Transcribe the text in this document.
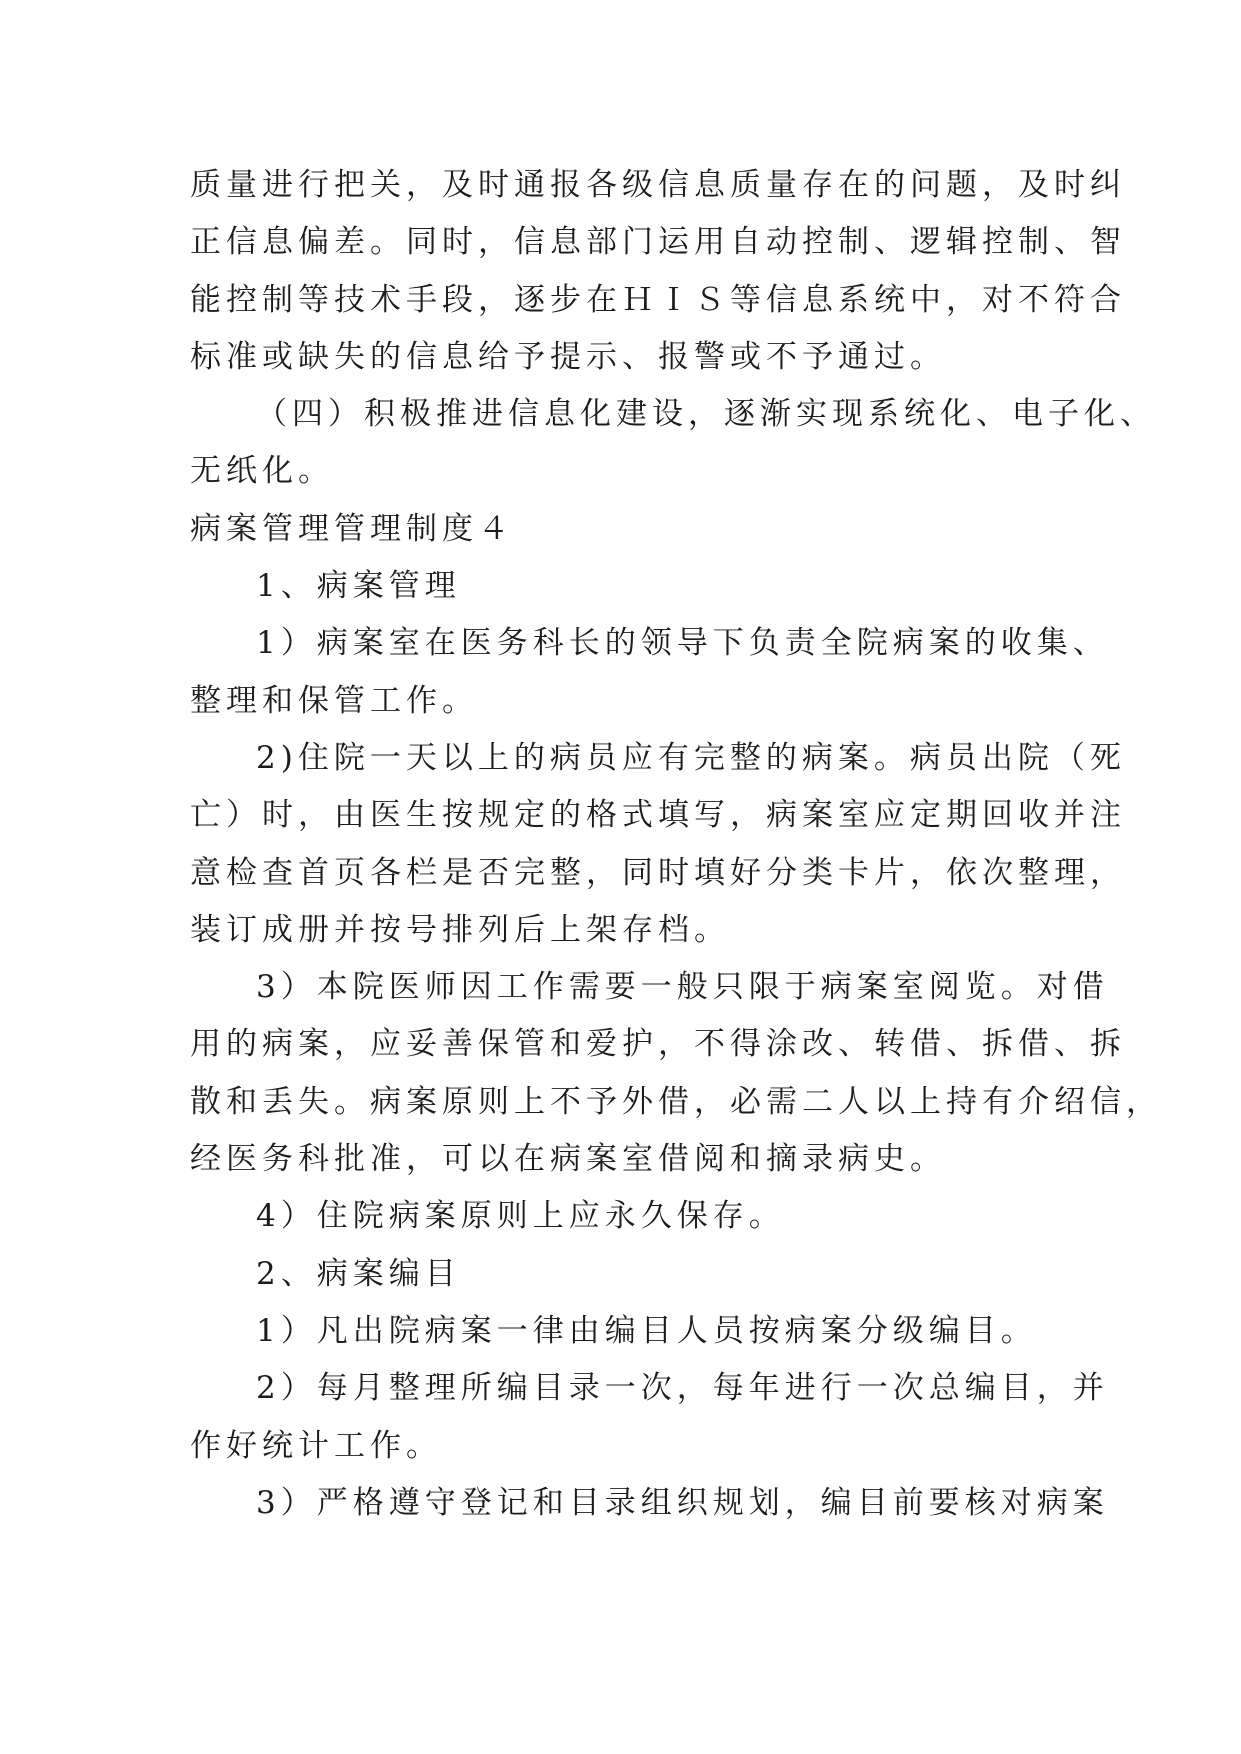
质量进行把关，及时通报各级信息质量存在的问题，及时纠
正信息偏差。同时，信息部门运用自动控制、逻辑控制、智
能控制等技术手段，逐步在ＨＩＳ等信息系统中，对不符合
标准或缺失的信息给予提示、报警或不予通过。
（四）积极推进信息化建设，逐渐实现系统化、电子化、
无纸化。
病案管理管理制度４
1、病案管理
1）病案室在医务科长的领导下负责全院病案的收集、
整理和保管工作。
2)住院一天以上的病员应有完整的病案。病员出院（死
亡）时，由医生按规定的格式填写，病案室应定期回收并注
意检查首页各栏是否完整，同时填好分类卡片，依次整理，
装订成册并按号排列后上架存档。
3）本院医师因工作需要一般只限于病案室阅览。对借
用的病案，应妥善保管和爱护，不得涂改、转借、拆借、拆
散和丢失。病案原则上不予外借，必需二人以上持有介绍信，
经医务科批准，可以在病案室借阅和摘录病史。
4）住院病案原则上应永久保存。
2、病案编目
1）凡出院病案一律由编目人员按病案分级编目。
2）每月整理所编目录一次，每年进行一次总编目，并
作好统计工作。
3）严格遵守登记和目录组织规划，编目前要核对病案
